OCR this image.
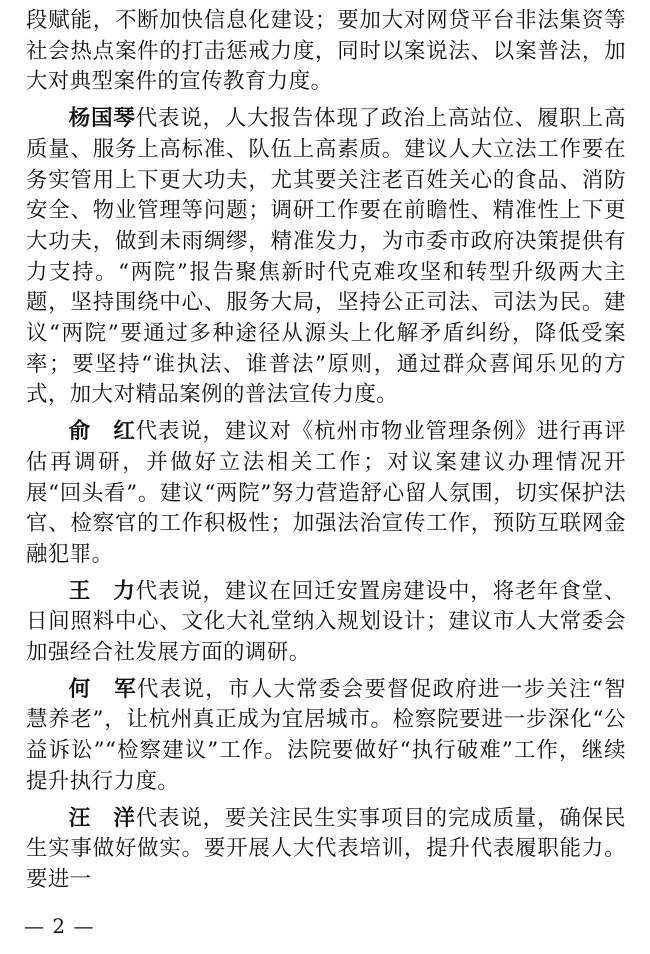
段赋能，不断加快信息化建设；要加大对网贷平台非法集资等社会热点案件的打击惩戒力度，同时以案说法、以案普法，加大对典型案件的宣传教育力度。

杨国琴代表说，人大报告体现了政治上高站位、履职上高质量、服务上高标准、队伍上高素质。建议人大立法工作要在务实管用上下更大功夫，尤其要关注老百姓关心的食品、消防安全、物业管理等问题；调研工作要在前瞻性、精准性上下更大功夫，做到未雨绸缪，精准发力，为市委市政府决策提供有力支持。“两院”报告聚焦新时代克难攻坚和转型升级两大主题，坚持围绕中心、服务大局，坚持公正司法、司法为民。建议“两院”要通过多种途径从源头上化解矛盾纠纷，降低受案率；要坚持“谁执法、谁普法”原则，通过群众喜闻乐见的方式，加大对精品案例的普法宣传力度。

俞　红代表说，建议对《杭州市物业管理条例》进行再评估再调研，并做好立法相关工作；对议案建议办理情况开展“回头看”。建议“两院”努力营造舒心留人氛围，切实保护法官、检察官的工作积极性；加强法治宣传工作，预防互联网金融犯罪。

王　力代表说，建议在回迁安置房建设中，将老年食堂、日间照料中心、文化大礼堂纳入规划设计；建议市人大常委会加强经合社发展方面的调研。

何　军代表说，市人大常委会要督促政府进一步关注“智慧养老”，让杭州真正成为宜居城市。检察院要进一步深化“公益诉讼”“检察建议”工作。法院要做好“执行破难”工作，继续提升执行力度。

汪　洋代表说，要关注民生实事项目的完成质量，确保民生实事做好做实。要开展人大代表培训，提升代表履职能力。要进一

— 2 —
